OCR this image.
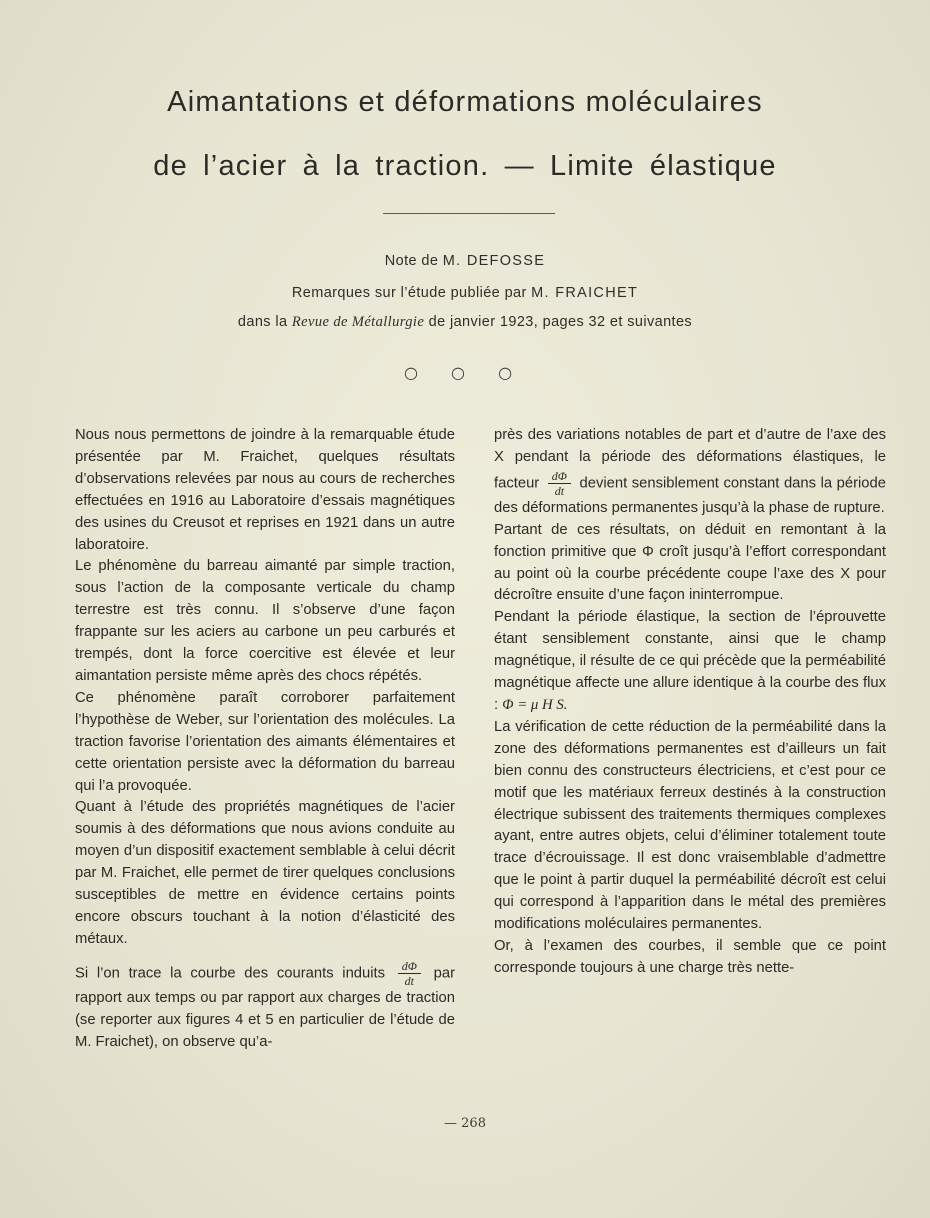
Aimantations et déformations moléculaires
de l’acier à la traction. — Limite élastique
Note de M. DEFOSSE
Remarques sur l’étude publiée par M. FRAICHET
dans la Revue de Métallurgie de janvier 1923, pages 32 et suivantes
○ ○ ○

Nous nous permettons de joindre à la remarquable étude présentée par M. Fraichet, quelques résultats d’observations relevées par nous au cours de recherches effectuées en 1916 au Laboratoire d’essais magnétiques des usines du Creusot et reprises en 1921 dans un autre laboratoire.

Le phénomène du barreau aimanté par simple traction, sous l’action de la composante verticale du champ terrestre est très connu. Il s’observe d’une façon frappante sur les aciers au carbone un peu carburés et trempés, dont la force coercitive est élevée et leur aimantation persiste même après des chocs répétés.

Ce phénomène paraît corroborer parfaitement l’hypothèse de Weber, sur l’orientation des molécules. La traction favorise l’orientation des aimants élémentaires et cette orientation persiste avec la déformation du barreau qui l’a provoquée.

Quant à l’étude des propriétés magnétiques de l’acier soumis à des déformations que nous avions conduite au moyen d’un dispositif exactement semblable à celui décrit par M. Fraichet, elle permet de tirer quelques conclusions susceptibles de mettre en évidence certains points encore obscurs touchant à la notion d’élasticité des métaux.

Si l’on trace la courbe des courants induits $\frac{d\Phi}{dt}$ par rapport aux temps ou par rapport aux charges de traction (se reporter aux figures 4 et 5 en particulier de l’étude de M. Fraichet), on observe qu’a-

près des variations notables de part et d’autre de l’axe des X pendant la période des déformations élastiques, le facteur $\frac{d\Phi}{dt}$ devient sensiblement constant dans la période des déformations permanentes jusqu’à la phase de rupture.

Partant de ces résultats, on déduit en remontant à la fonction primitive que Φ croît jusqu’à l’effort correspondant au point où la courbe précédente coupe l’axe des X pour décroître ensuite d’une façon ininterrompue.

Pendant la période élastique, la section de l’éprouvette étant sensiblement constante, ainsi que le champ magnétique, il résulte de ce qui précède que la perméabilité magnétique affecte une allure identique à la courbe des flux : Φ = μ H S.

La vérification de cette réduction de la perméabilité dans la zone des déformations permanentes est d’ailleurs un fait bien connu des constructeurs électriciens, et c’est pour ce motif que les matériaux ferreux destinés à la construction électrique subissent des traitements thermiques complexes ayant, entre autres objets, celui d’éliminer totalement toute trace d’écrouissage. Il est donc vraisemblable d’admettre que le point à partir duquel la perméabilité décroît est celui qui correspond à l’apparition dans le métal des premières modifications moléculaires permanentes.

Or, à l’examen des courbes, il semble que ce point corresponde toujours à une charge très nette-

— 268
